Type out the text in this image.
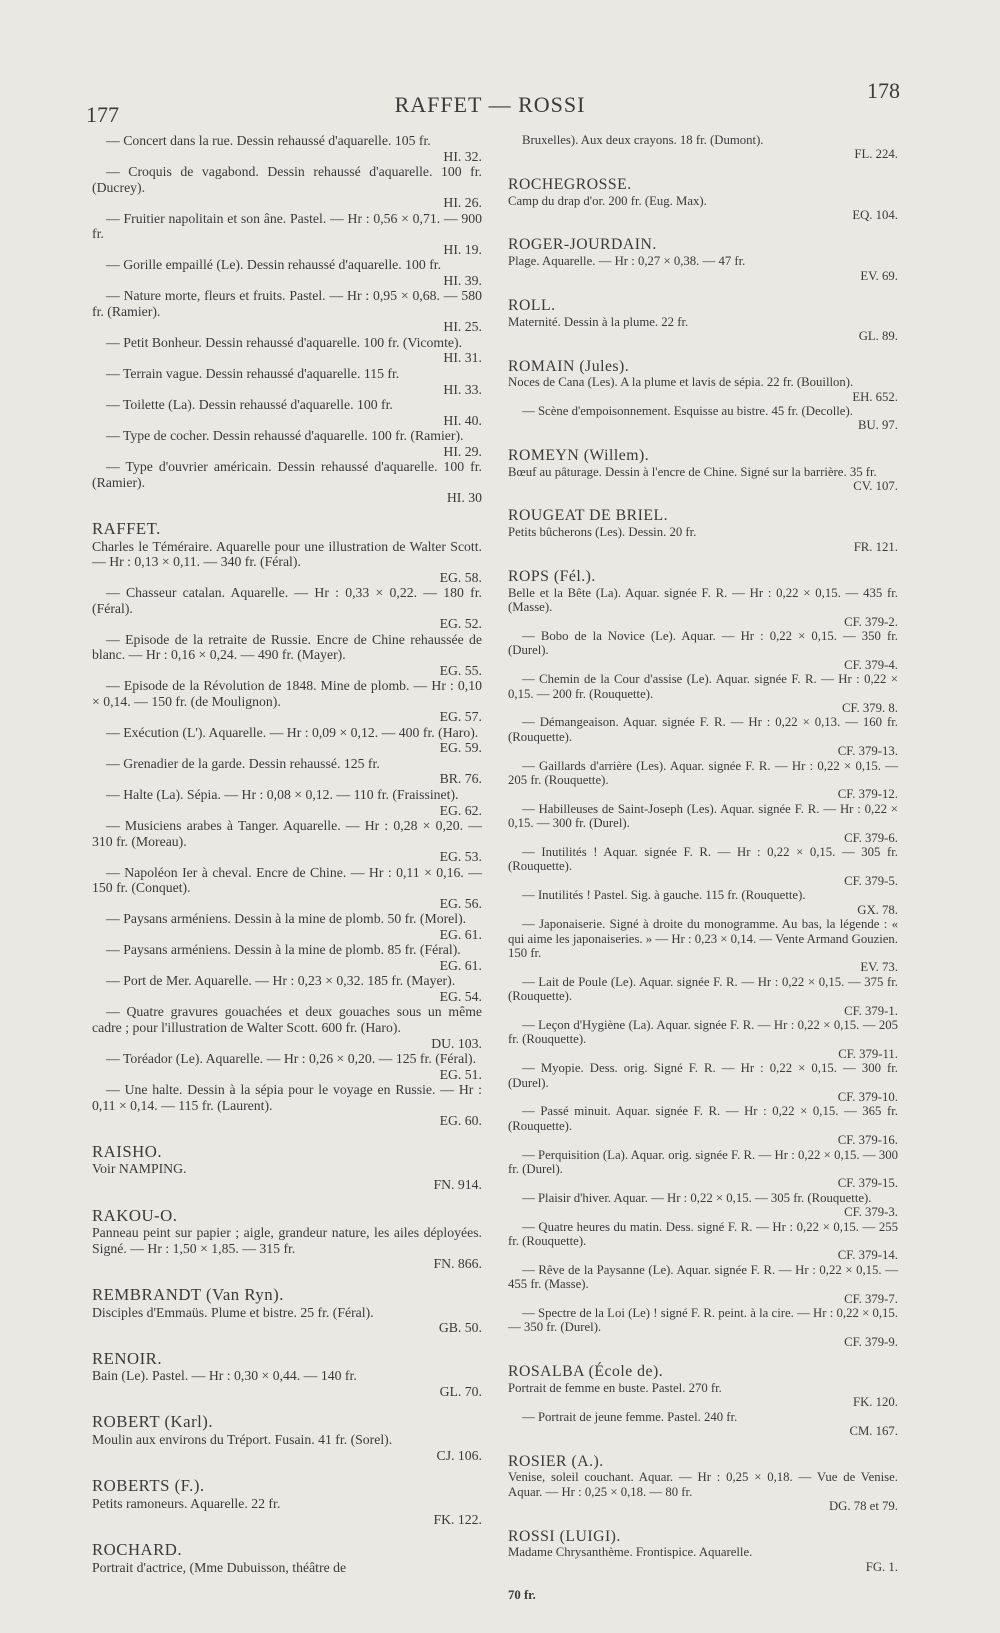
177	RAFFET — ROSSI
178
— Concert dans la rue. Dessin rehaussé d'aquarelle. 105 fr.
HI. 32.
— Croquis de vagabond. Dessin rehaussé d'aquarelle. 100 fr. (Ducrey).
HI. 26.
— Fruitier napolitain et son âne. Pastel. — Hr : 0,56 × 0,71. — 900 fr.
HI. 19.
— Gorille empaillé (Le). Dessin rehaussé d'aquarelle. 100 fr.
HI. 39.
— Nature morte, fleurs et fruits. Pastel. — Hr : 0,95 × 0,68. — 580 fr. (Ramier).
HI. 25.
— Petit Bonheur. Dessin rehaussé d'aquarelle. 100 fr. (Vicomte).
HI. 31.
— Terrain vague. Dessin rehaussé d'aquarelle. 115 fr.
HI. 33.
— Toilette (La). Dessin rehaussé d'aquarelle. 100 fr.
HI. 40.
— Type de cocher. Dessin rehaussé d'aquarelle. 100 fr. (Ramier).
HI. 29.
— Type d'ouvrier américain. Dessin rehaussé d'aquarelle. 100 fr. (Ramier).
HI. 30
RAFFET.
Charles le Téméraire. Aquarelle pour une illustration de Walter Scott. — Hr : 0,13 × 0,11. — 340 fr. (Féral).
EG. 58.
— Chasseur catalan. Aquarelle. — Hr : 0,33 × 0,22. — 180 fr. (Féral).
EG. 52.
— Episode de la retraite de Russie. Encre de Chine rehaussée de blanc. — Hr : 0,16 × 0,24. — 490 fr. (Mayer).
EG. 55.
— Episode de la Révolution de 1848. Mine de plomb. — Hr : 0,10 × 0,14. — 150 fr. (de Moulignon).
EG. 57.
— Exécution (L'). Aquarelle. — Hr : 0,09 × 0,12. — 400 fr. (Haro).
EG. 59.
— Grenadier de la garde. Dessin rehaussé. 125 fr.
BR. 76.
— Halte (La). Sépia. — Hr : 0,08 × 0,12. — 110 fr. (Fraissinet).
EG. 62.
— Musiciens arabes à Tanger. Aquarelle. — Hr : 0,28 × 0,20. — 310 fr. (Moreau).
EG. 53.
— Napoléon Ier à cheval. Encre de Chine. — Hr : 0,11 × 0,16. — 150 fr. (Conquet).
EG. 56.
— Paysans arméniens. Dessin à la mine de plomb. 50 fr. (Morel).
EG. 61.
— Paysans arméniens. Dessin à la mine de plomb. 85 fr. (Féral).
EG. 61.
— Port de Mer. Aquarelle. — Hr : 0,23 × 0,32. 185 fr. (Mayer).
EG. 54.
— Quatre gravures gouachées et deux gouaches sous un même cadre ; pour l'illustration de Walter Scott. 600 fr. (Haro).
DU. 103.
— Toréador (Le). Aquarelle. — Hr : 0,26 × 0,20. — 125 fr. (Féral).
EG. 51.
— Une halte. Dessin à la sépia pour le voyage en Russie. — Hr : 0,11 × 0,14. — 115 fr. (Laurent).
EG. 60.
RAISHO.
Voir NAMPING.
FN. 914.
RAKOU-O.
Panneau peint sur papier ; aigle, grandeur nature, les ailes déployées. Signé. — Hr : 1,50 × 1,85. — 315 fr.
FN. 866.
REMBRANDT (Van Ryn).
Disciples d'Emmaüs. Plume et bistre. 25 fr. (Féral).
GB. 50.
RENOIR.
Bain (Le). Pastel. — Hr : 0,30 × 0,44. — 140 fr.
GL. 70.
ROBERT (Karl).
Moulin aux environs du Tréport. Fusain. 41 fr. (Sorel).
CJ. 106.
ROBERTS (F.).
Petits ramoneurs. Aquarelle. 22 fr.
FK. 122.
ROCHARD.
Portrait d'actrice, (Mme Dubuisson, théâtre de
Bruxelles). Aux deux crayons. 18 fr. (Dumont).
FL. 224.
ROCHEGROSSE.
Camp du drap d'or. 200 fr. (Eug. Max).
EQ. 104.
ROGER-JOURDAIN.
Plage. Aquarelle. — Hr : 0,27 × 0,38. — 47 fr.
EV. 69.
ROLL.
Maternité. Dessin à la plume. 22 fr.
GL. 89.
ROMAIN (Jules).
Noces de Cana (Les). A la plume et lavis de sépia. 22 fr. (Bouillon).
EH. 652.
— Scène d'empoisonnement. Esquisse au bistre. 45 fr. (Decolle).
BU. 97.
ROMEYN (Willem).
Bœuf au pâturage. Dessin à l'encre de Chine. Signé sur la barrière. 35 fr.
CV. 107.
ROUGEAT DE BRIEL.
Petits bûcherons (Les). Dessin. 20 fr.
FR. 121.
ROPS (Fél.).
Belle et la Bête (La). Aquar. signée F. R. — Hr : 0,22 × 0,15. — 435 fr. (Masse).
CF. 379-2.
— Bobo de la Novice (Le). Aquar. — Hr : 0,22 × 0,15. — 350 fr. (Durel).
CF. 379-4.
— Chemin de la Cour d'assise (Le). Aquar. signée F. R. — Hr : 0,22 × 0,15. — 200 fr. (Rouquette).
CF. 379. 8.
— Démangeaison. Aquar. signée F. R. — Hr : 0,22 × 0,13. — 160 fr. (Rouquette).
CF. 379-13.
— Gaillards d'arrière (Les). Aquar. signée F. R. — Hr : 0,22 × 0,15. — 205 fr. (Rouquette).
CF. 379-12.
— Habilleuses de Saint-Joseph (Les). Aquar. signée F. R. — Hr : 0,22 × 0,15. — 300 fr. (Durel).
CF. 379-6.
— Inutilités ! Aquar. signée F. R. — Hr : 0,22 × 0,15. — 305 fr. (Rouquette).
CF. 379-5.
— Inutilités ! Pastel. Sig. à gauche. 115 fr. (Rouquette).
GX. 78.
— Japonaiserie. Signé à droite du monogramme. Au bas, la légende : « qui aime les japonaiseries. » — Hr : 0,23 × 0,14. — Vente Armand Gouzien. 150 fr.
EV. 73.
— Lait de Poule (Le). Aquar. signée F. R. — Hr : 0,22 × 0,15. — 375 fr. (Rouquette).
CF. 379-1.
— Leçon d'Hygiène (La). Aquar. signée F. R. — Hr : 0,22 × 0,15. — 205 fr. (Rouquette).
CF. 379-11.
— Myopie. Dess. orig. Signé F. R. — Hr : 0,22 × 0,15. — 300 fr. (Durel).
CF. 379-10.
— Passé minuit. Aquar. signée F. R. — Hr : 0,22 × 0,15. — 365 fr. (Rouquette).
CF. 379-16.
— Perquisition (La). Aquar. orig. signée F. R. — Hr : 0,22 × 0,15. — 300 fr. (Durel).
CF. 379-15.
— Plaisir d'hiver. Aquar. — Hr : 0,22 × 0,15. — 305 fr. (Rouquette).
CF. 379-3.
— Quatre heures du matin. Dess. signé F. R. — Hr : 0,22 × 0,15. — 255 fr. (Rouquette).
CF. 379-14.
— Rêve de la Paysanne (Le). Aquar. signée F. R. — Hr : 0,22 × 0,15. — 455 fr. (Masse).
CF. 379-7.
— Spectre de la Loi (Le) ! signé F. R. peint. à la cire. — Hr : 0,22 × 0,15. — 350 fr. (Durel).
CF. 379-9.
ROSALBA (École de).
Portrait de femme en buste. Pastel. 270 fr.
FK. 120.
— Portrait de jeune femme. Pastel. 240 fr.
CM. 167.
ROSIER (A.).
Venise, soleil couchant. Aquar. — Hr : 0,25 × 0,18. — Vue de Venise. Aquar. — Hr : 0,25 × 0,18. — 80 fr.
DG. 78 et 79.
ROSSI (LUIGI).
Madame Chrysanthème. Frontispice. Aquarelle.
FG. 1.
70 fr.
